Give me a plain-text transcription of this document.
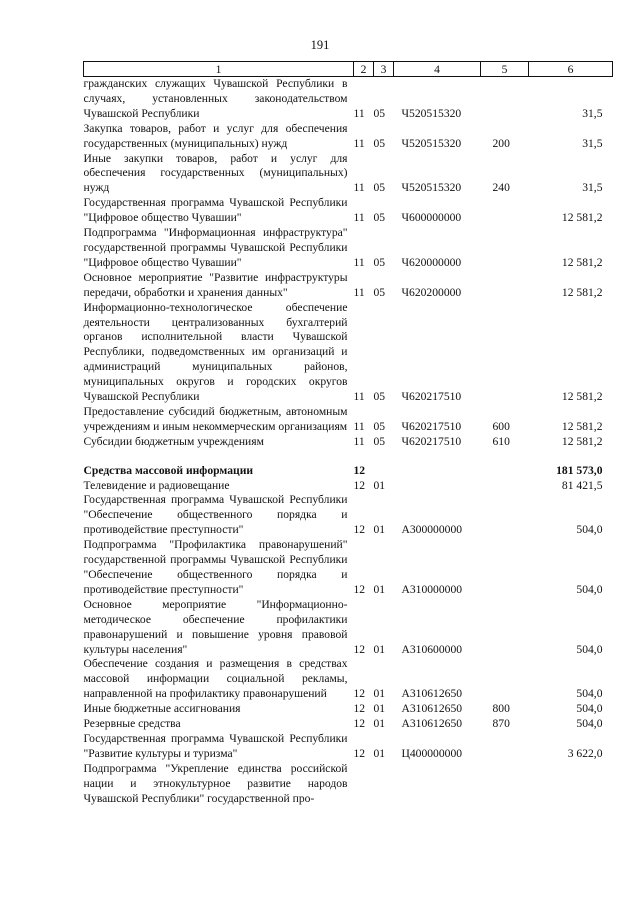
191
1	2	3	4	5	6
гражданских служащих Чувашской Республики в случаях, установленных законодательством Чувашской Республики	11	05	Ч520515320		31,5
Закупка товаров, работ и услуг для обеспечения государственных (муниципальных) нужд	11	05	Ч520515320	200	31,5
Иные закупки товаров, работ и услуг для обеспечения государственных (муниципальных) нужд	11	05	Ч520515320	240	31,5
Государственная программа Чувашской Республики "Цифровое общество Чувашии"	11	05	Ч600000000		12 581,2
Подпрограмма "Информационная инфраструктура" государственной программы Чувашской Республики "Цифровое общество Чувашии"	11	05	Ч620000000		12 581,2
Основное мероприятие "Развитие инфраструктуры передачи, обработки и хранения данных"	11	05	Ч620200000		12 581,2
Информационно-технологическое обеспечение деятельности централизованных бухгалтерий органов исполнительной власти Чувашской Республики, подведомственных им организаций и администраций муниципальных районов, муниципальных округов и городских округов Чувашской Республики	11	05	Ч620217510		12 581,2
Предоставление субсидий бюджетным, автономным учреждениям и иным некоммерческим организациям	11	05	Ч620217510	600	12 581,2
Субсидии бюджетным учреждениям	11	05	Ч620217510	610	12 581,2

Средства массовой информации	12				181 573,0
Телевидение и радиовещание	12	01			81 421,5
Государственная программа Чувашской Республики "Обеспечение общественного порядка и противодействие преступности"	12	01	А300000000		504,0
Подпрограмма "Профилактика правонарушений" государственной программы Чувашской Республики "Обеспечение общественного порядка и противодействие преступности"	12	01	А310000000		504,0
Основное мероприятие "Информационно-методическое обеспечение профилактики правонарушений и повышение уровня правовой культуры населения"	12	01	А310600000		504,0
Обеспечение создания и размещения в средствах массовой информации социальной рекламы, направленной на профилактику правонарушений	12	01	А310612650		504,0
Иные бюджетные ассигнования	12	01	А310612650	800	504,0
Резервные средства	12	01	А310612650	870	504,0
Государственная программа Чувашской Республики "Развитие культуры и туризма"	12	01	Ц400000000		3 622,0
Подпрограмма "Укрепление единства российской нации и этнокультурное развитие народов Чувашской Республики" государственной про-					
